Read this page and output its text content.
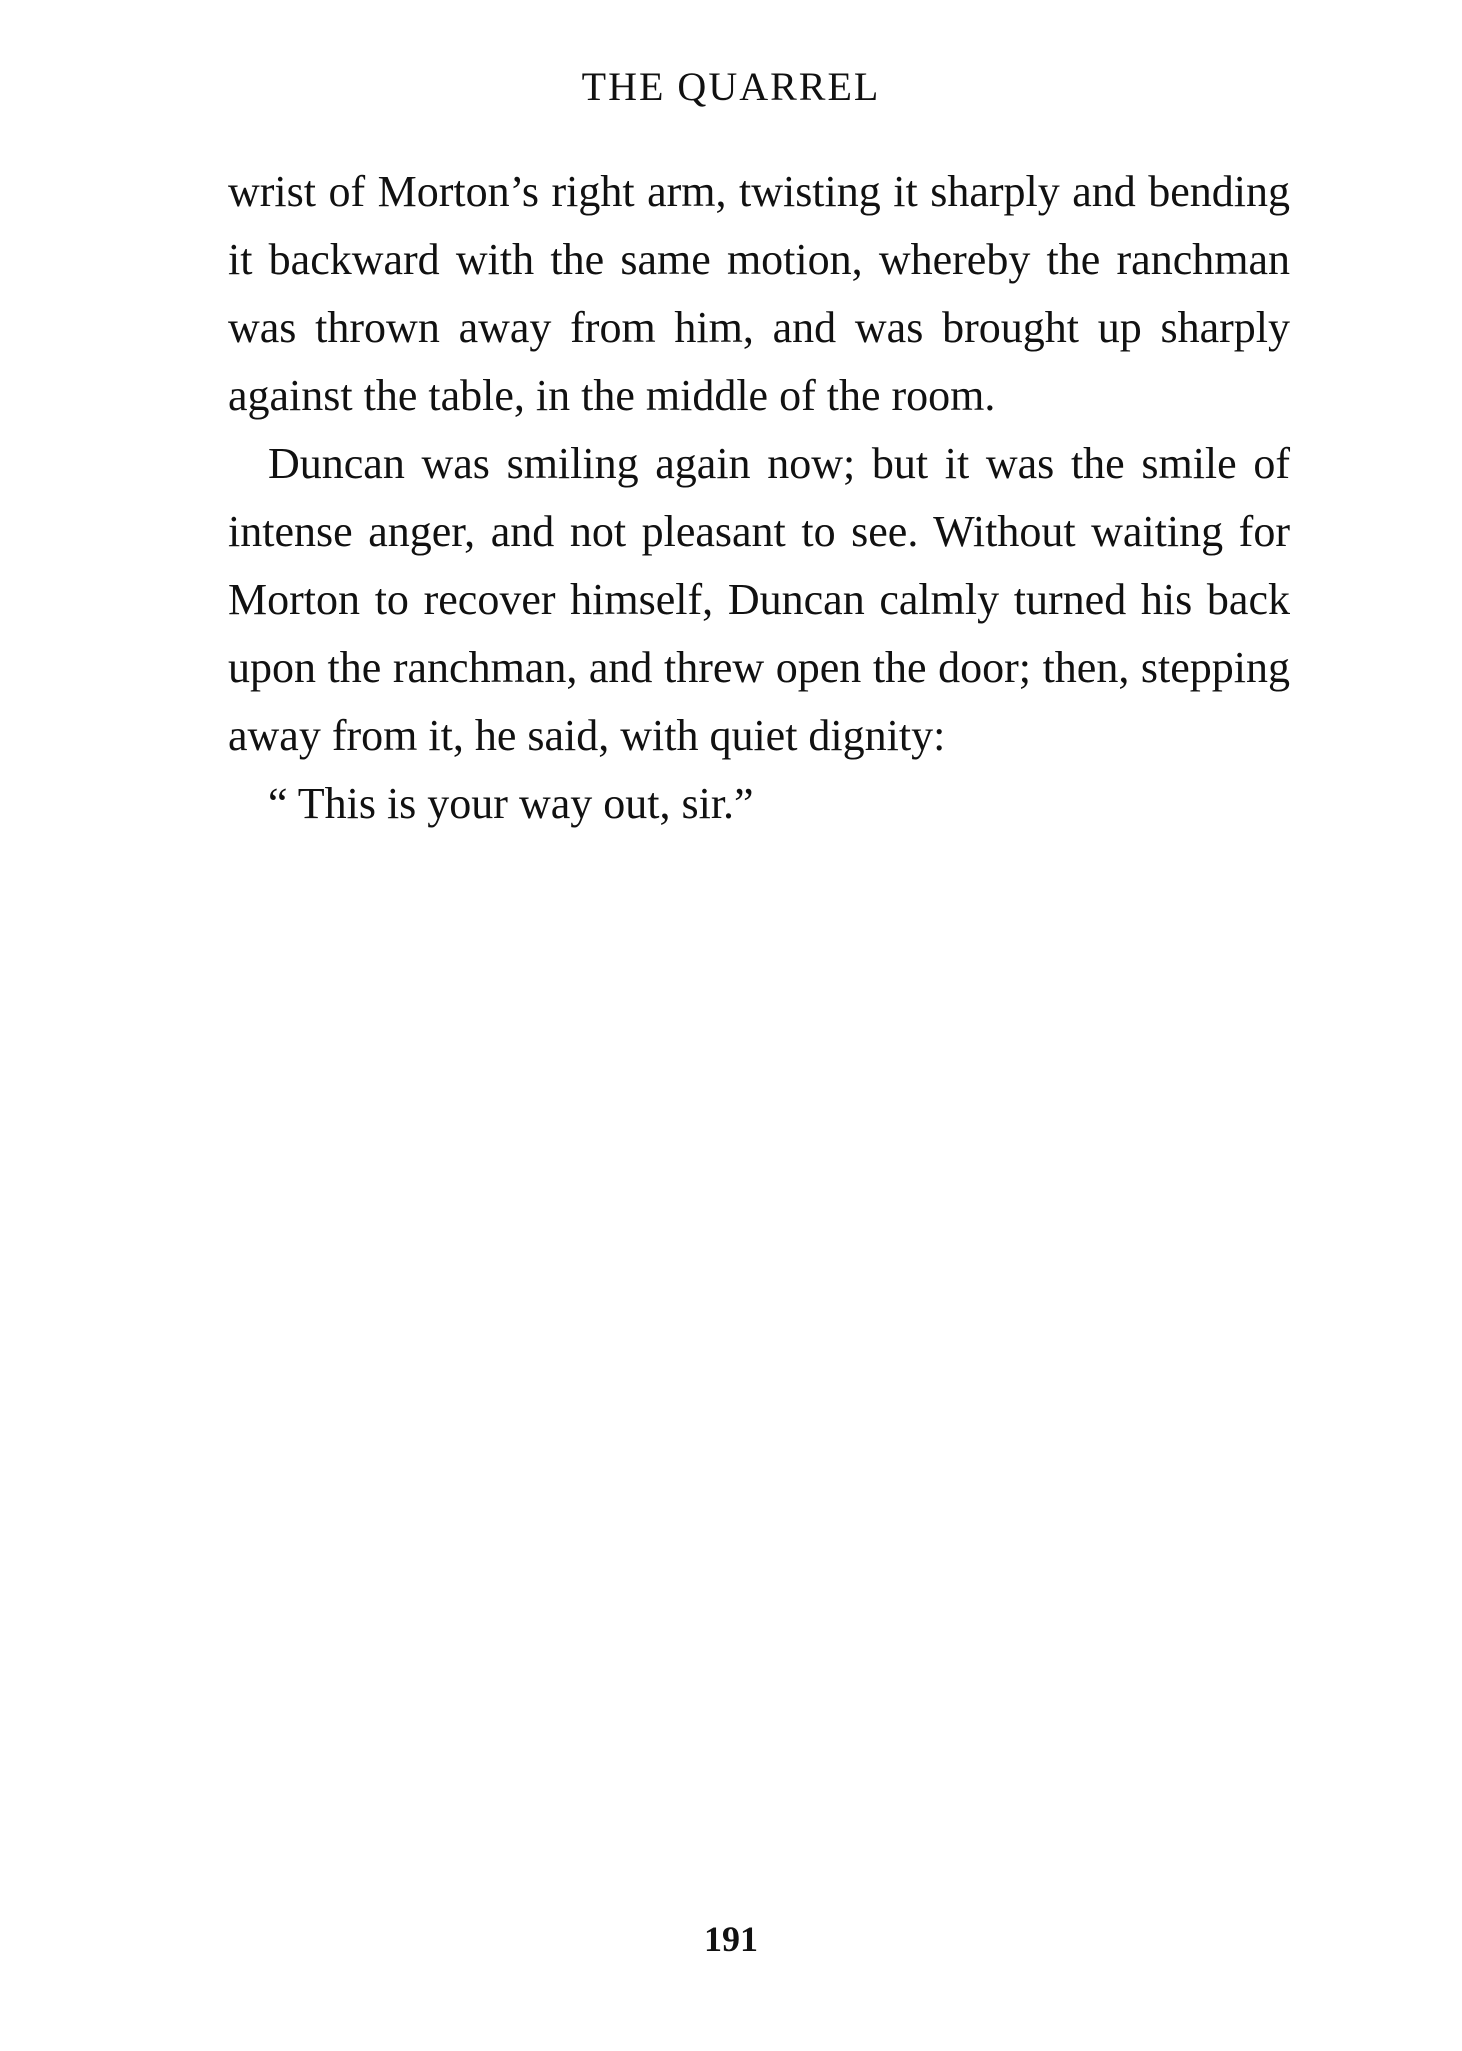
THE QUARREL

wrist of Morton’s right arm, twisting it sharply and bending it backward with the same motion, whereby the ranchman was thrown away from him, and was brought up sharply against the table, in the middle of the room.

Duncan was smiling again now; but it was the smile of intense anger, and not pleasant to see. Without waiting for Morton to recover himself, Duncan calmly turned his back upon the ranchman, and threw open the door; then, stepping away from it, he said, with quiet dignity:

“ This is your way out, sir.”

191
